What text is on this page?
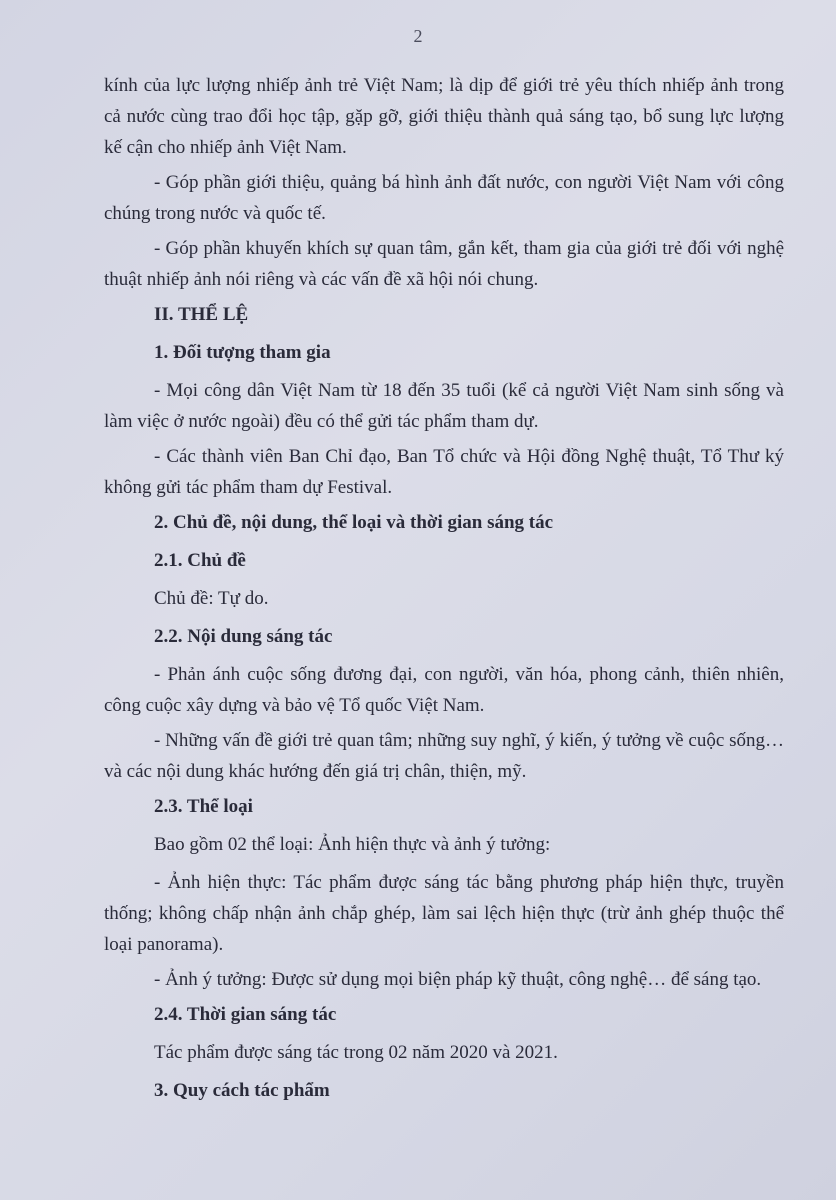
2

kính của lực lượng nhiếp ảnh trẻ Việt Nam; là dịp để giới trẻ yêu thích nhiếp ảnh trong cả nước cùng trao đổi học tập, gặp gỡ, giới thiệu thành quả sáng tạo, bổ sung lực lượng kế cận cho nhiếp ảnh Việt Nam.

- Góp phần giới thiệu, quảng bá hình ảnh đất nước, con người Việt Nam với công chúng trong nước và quốc tế.

- Góp phần khuyến khích sự quan tâm, gắn kết, tham gia của giới trẻ đối với nghệ thuật nhiếp ảnh nói riêng và các vấn đề xã hội nói chung.

II. THỂ LỆ
1. Đối tượng tham gia

- Mọi công dân Việt Nam từ 18 đến 35 tuổi (kể cả người Việt Nam sinh sống và làm việc ở nước ngoài) đều có thể gửi tác phẩm tham dự.

- Các thành viên Ban Chỉ đạo, Ban Tổ chức và Hội đồng Nghệ thuật, Tổ Thư ký không gửi tác phẩm tham dự Festival.

2. Chủ đề, nội dung, thể loại và thời gian sáng tác
2.1. Chủ đề
Chủ đề: Tự do.
2.2. Nội dung sáng tác

- Phản ánh cuộc sống đương đại, con người, văn hóa, phong cảnh, thiên nhiên, công cuộc xây dựng và bảo vệ Tổ quốc Việt Nam.

- Những vấn đề giới trẻ quan tâm; những suy nghĩ, ý kiến, ý tưởng về cuộc sống… và các nội dung khác hướng đến giá trị chân, thiện, mỹ.

2.3. Thể loại
Bao gồm 02 thể loại: Ảnh hiện thực và ảnh ý tưởng:

- Ảnh hiện thực: Tác phẩm được sáng tác bằng phương pháp hiện thực, truyền thống; không chấp nhận ảnh chắp ghép, làm sai lệch hiện thực (trừ ảnh ghép thuộc thể loại panorama).

- Ảnh ý tưởng: Được sử dụng mọi biện pháp kỹ thuật, công nghệ… để sáng tạo.

2.4. Thời gian sáng tác
Tác phẩm được sáng tác trong 02 năm 2020 và 2021.
3. Quy cách tác phẩm
